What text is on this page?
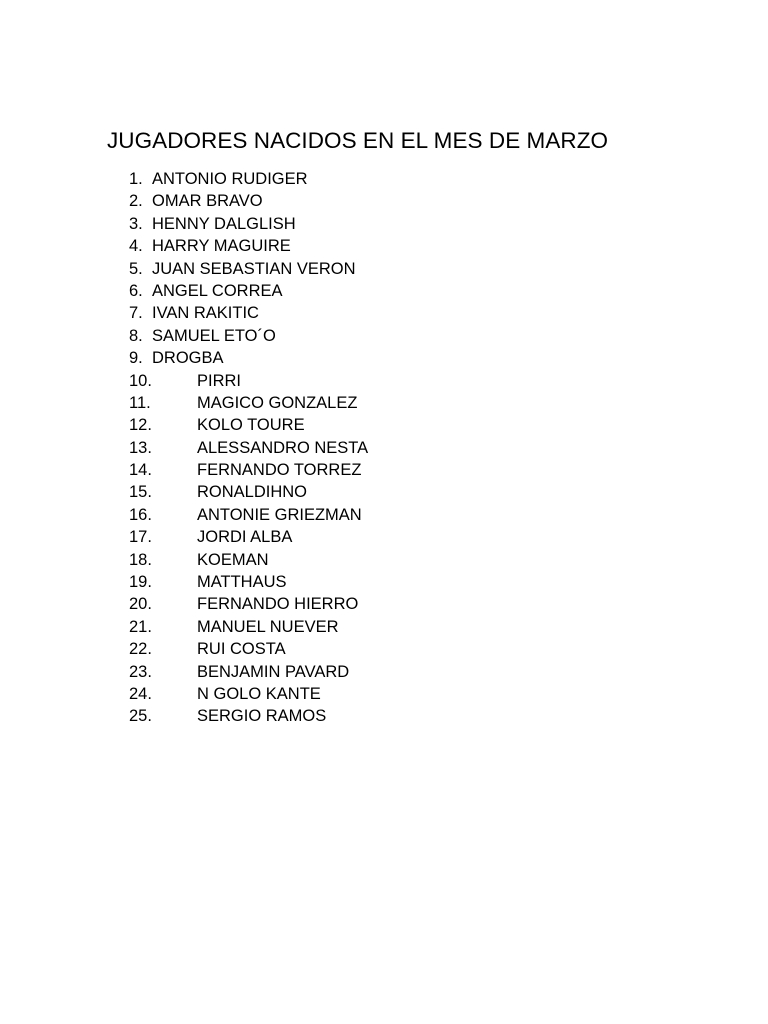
JUGADORES NACIDOS EN EL MES DE MARZO
1. ANTONIO RUDIGER
2. OMAR BRAVO
3. HENNY DALGLISH
4. HARRY MAGUIRE
5. JUAN SEBASTIAN VERON
6. ANGEL CORREA
7. IVAN RAKITIC
8. SAMUEL ETO´O
9. DROGBA
10.	PIRRI
11.	MAGICO GONZALEZ
12.	KOLO TOURE
13.	ALESSANDRO NESTA
14.	FERNANDO TORREZ
15.	RONALDIHNO
16.	ANTONIE GRIEZMAN
17.	JORDI ALBA
18.	KOEMAN
19.	MATTHAUS
20.	FERNANDO HIERRO
21.	MANUEL NUEVER
22.	RUI COSTA
23.	BENJAMIN PAVARD
24.	N GOLO KANTE
25.	SERGIO RAMOS
